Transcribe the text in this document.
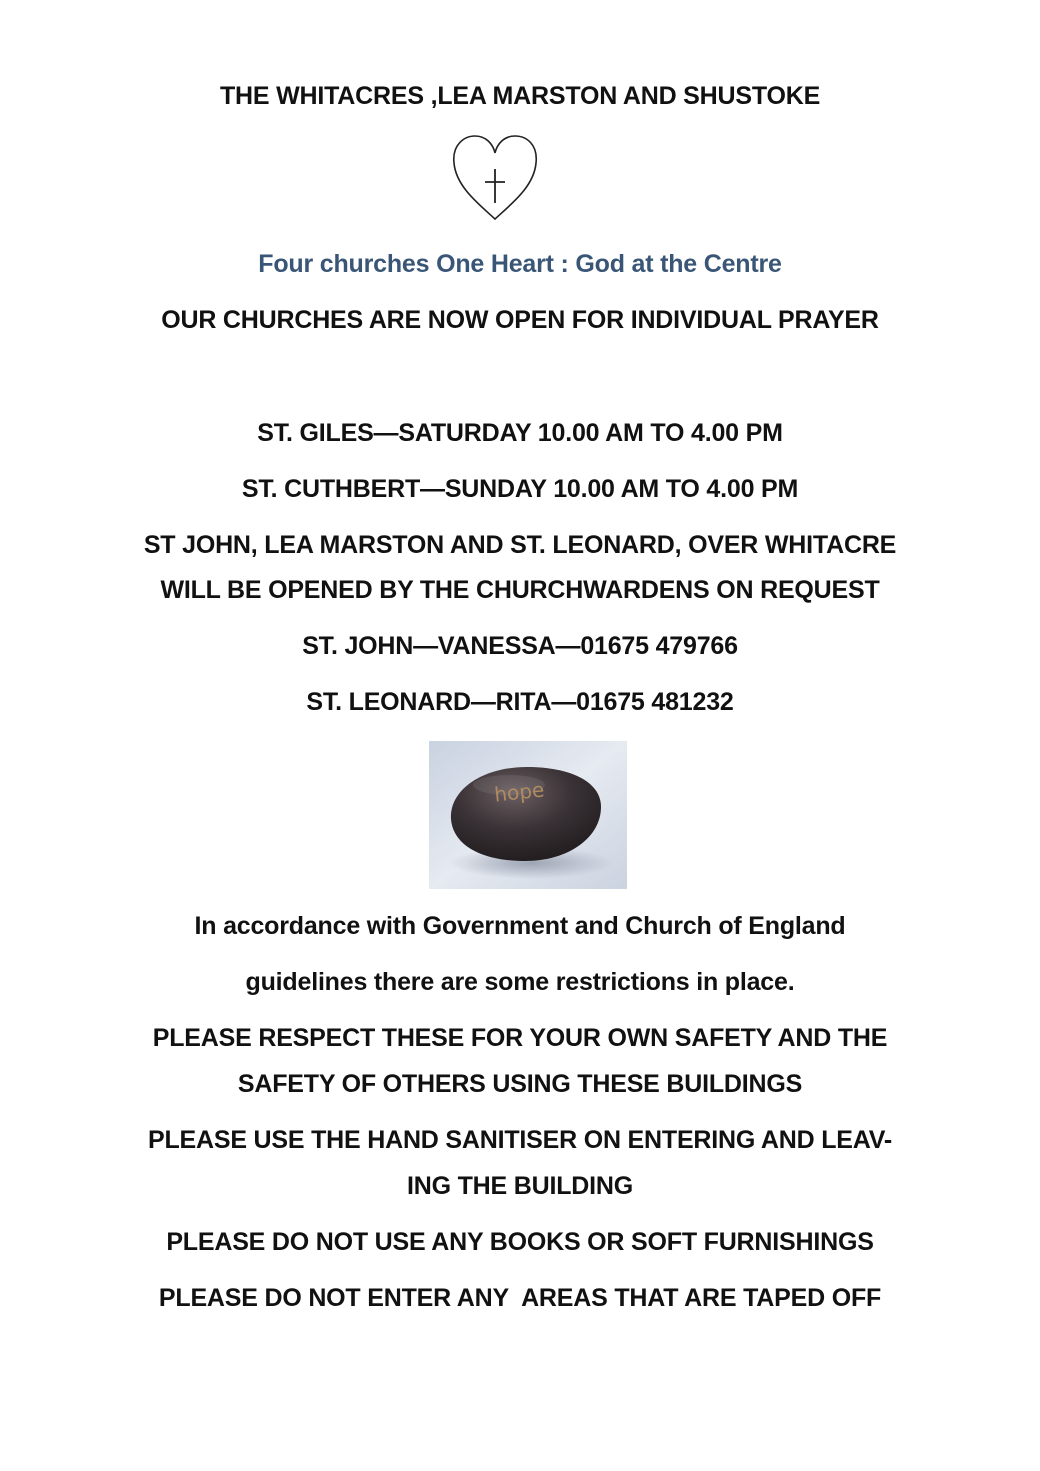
THE WHITACRES ,LEA MARSTON AND SHUSTOKE
Four churches One Heart : God at the Centre
OUR CHURCHES ARE NOW OPEN FOR INDIVIDUAL PRAYER
ST. GILES—SATURDAY 10.00 AM TO 4.00 PM
ST. CUTHBERT—SUNDAY 10.00 AM TO 4.00 PM
ST JOHN, LEA MARSTON AND ST. LEONARD, OVER WHITACRE
WILL BE OPENED BY THE CHURCHWARDENS ON REQUEST
ST. JOHN—VANESSA—01675 479766
ST. LEONARD—RITA—01675 481232
hope
In accordance with Government and Church of England
guidelines there are some restrictions in place.
PLEASE RESPECT THESE FOR YOUR OWN SAFETY AND THE
SAFETY OF OTHERS USING THESE BUILDINGS
PLEASE USE THE HAND SANITISER ON ENTERING AND LEAV-
ING THE BUILDING
PLEASE DO NOT USE ANY BOOKS OR SOFT FURNISHINGS
PLEASE DO NOT ENTER ANY  AREAS THAT ARE TAPED OFF
